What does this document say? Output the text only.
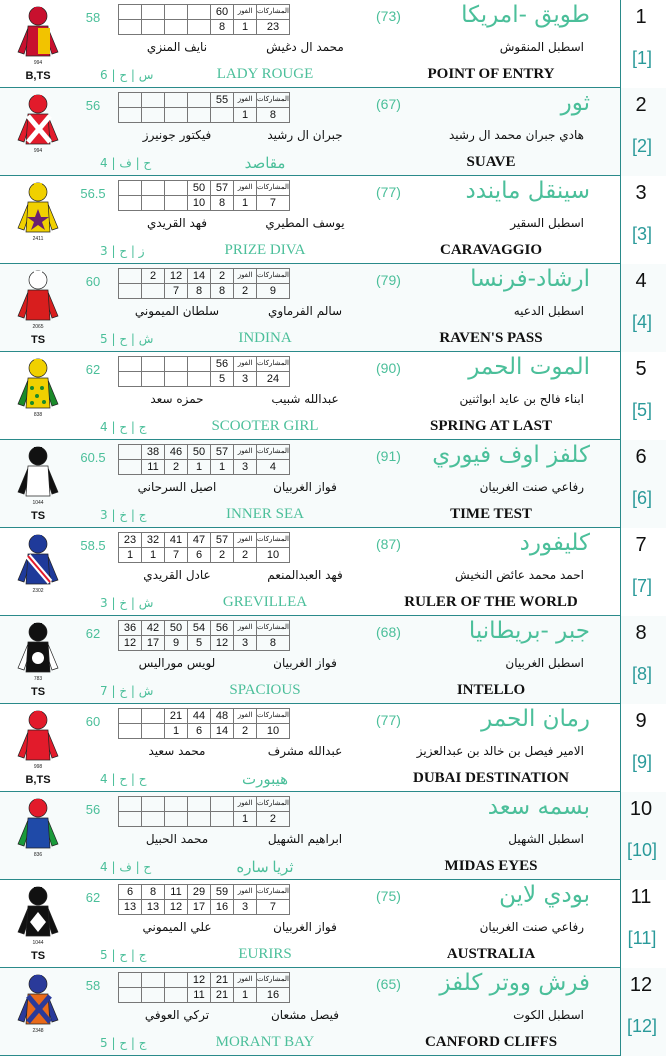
1
[1]
طويق -امريكا
(73)
اسطبل المنقوش
POINT OF ENTRY
محمد ال دغيش
نايف المنزي
LADY ROUGE
6 | س | ح
58
B,TS
994
				60	الفوز	المشاركات
				8	1	23
2
[2]
ثور
(67)
هادي جبران محمد ال رشيد
SUAVE
جبران ال رشيد
فيكتور جونيرز
مقاصد
4 | ح | ف
56
994
				55	الفوز	المشاركات
					1	8
3
[3]
سينقل مايندد
(77)
اسطبل السقير
CARAVAGGIO
يوسف المطيري
فهد القريدي
PRIZE DIVA
3 | ز | ح
56.5
2411
			50	57	الفوز	المشاركات
			10	8	1	7
4
[4]
ارشاد-فرنسا
(79)
اسطبل الدعيه
RAVEN'S PASS
سالم الفرماوي
سلطان الميموني
INDINA
5 | ش | ح
60
TS
2065
	2	12	14	2	الفوز	المشاركات
		7	8	8	2	9
5
[5]
الموت الحمر
(90)
ابناء فالح بن عايد ابواثنين
SPRING AT LAST
عبدالله شبيب
حمزه سعد
SCOOTER GIRL
4 | ج | ح
62
838
				56	الفوز	المشاركات
				5	3	24
6
[6]
كلفز اوف فيوري
(91)
رفاعي صنت الغربيان
TIME TEST
فواز الغربيان
اصيل السرحاني
INNER SEA
3 | ج | خ
60.5
TS
1044
	38	46	50	57	الفوز	المشاركات
	11	2	1	1	3	4
7
[7]
كليفورد
(87)
احمد محمد عائض النخيش
RULER OF THE WORLD
فهد العبدالمنعم
عادل القريدي
GREVILLEA
3 | ش | خ
58.5
2302
23	32	41	47	57	الفوز	المشاركات
1	1	7	6	2	2	10
8
[8]
جبر -بريطانيا
(68)
اسطبل الغربيان
INTELLO
فواز الغربيان
لويس موراليس
SPACIOUS
7 | ش | خ
62
TS
783
36	42	50	54	56	الفوز	المشاركات
12	17	9	5	12	3	8
9
[9]
رمان الحمر
(77)
الامير فيصل بن خالد بن عبدالعزيز
DUBAI DESTINATION
عبدالله مشرف
محمد سعيد
هيبورت
4 | ح | ح
60
B,TS
998
		21	44	48	الفوز	المشاركات
		1	6	14	2	10
10
[10]
بسمه سعد
اسطبل الشهيل
MIDAS EYES
ابراهيم الشهيل
محمد الحبيل
ثريا ساره
4 | ح | ف
56
836
					الفوز	المشاركات
					1	2
11
[11]
بودي لاين
(75)
رفاعي صنت الغربيان
AUSTRALIA
فواز الغربيان
علي الميموني
EURIRS
5 | ج | ح
62
TS
1044
6	8	11	29	59	الفوز	المشاركات
13	13	12	17	16	3	7
12
[12]
فرش ووتر كلفز
(65)
اسطبل الكوت
CANFORD CLIFFS
فيصل مشعان
تركي العوفي
MORANT BAY
5 | ج | ح
58
2348
			12	21	الفوز	المشاركات
			11	21	1	16
